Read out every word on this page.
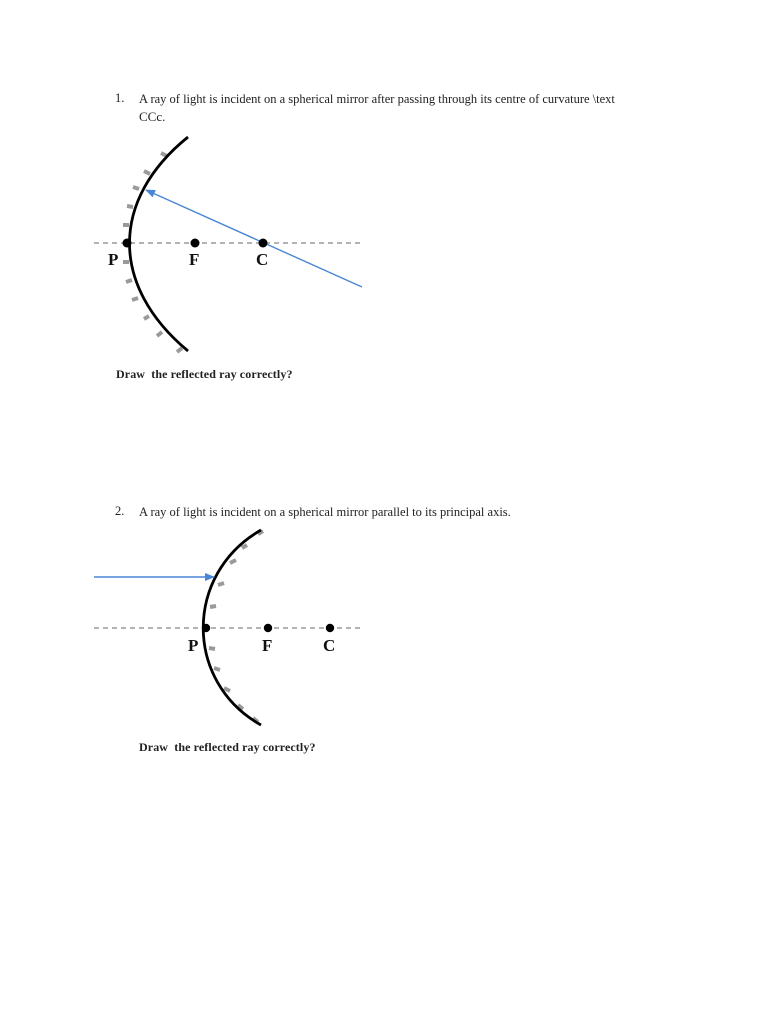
1. A ray of light is incident on a spherical mirror after passing through its centre of curvature \text
CCc.
Draw  the reflected ray correctly?
2. A ray of light is incident on a spherical mirror parallel to its principal axis.
Draw  the reflected ray correctly?
P	F	C
P	F	C
